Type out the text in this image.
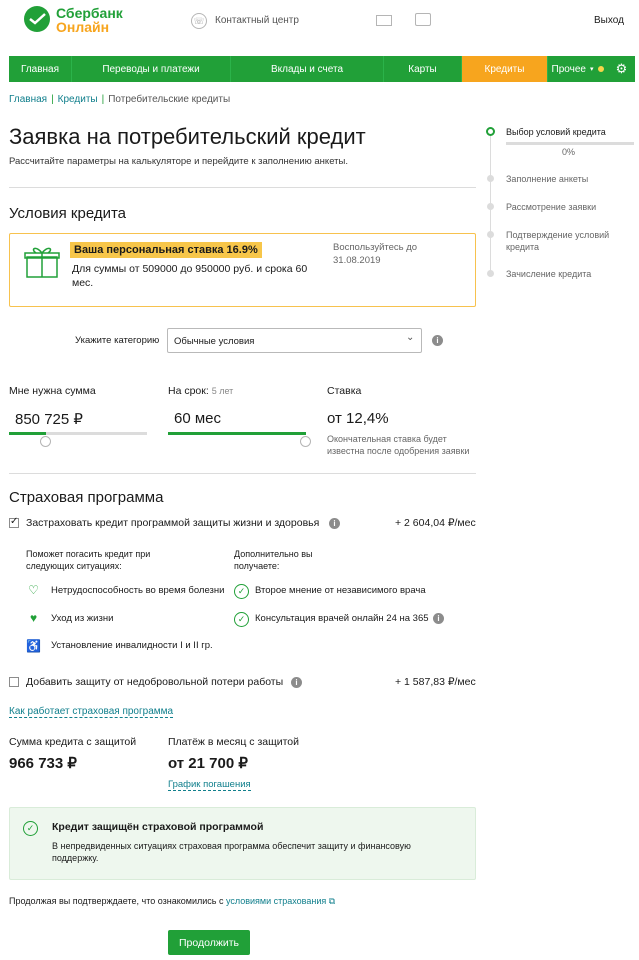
Сбербанк
Онлайн	☏ Контактный центр	Выход
Главная	Переводы и платежи	Вклады и счета	Карты	Кредиты	Прочее ▾	⚙
Главная | Кредиты | Потребительские кредиты
Заявка на потребительский кредит
Рассчитайте параметры на калькуляторе и перейдите к заполнению анкеты.
Условия кредита
Ваша персональная ставка 16.9%
Для суммы от 509000 до 950000 руб. и срока 60 мес.
Воспользуйтесь до 31.08.2019
Укажите категорию	Обычные условия	⌄	i
Мне нужна сумма
850 725 ₽
На срок: 5 лет
60 мес
Ставка
от 12,4%
Окончательная ставка будет известна после одобрения заявки
Страховая программа
✓
Застраховать кредит программой защиты жизни и здоровья	i	+ 2 604,04 ₽/мес
Поможет погасить кредит при следующих ситуациях:
Дополнительно вы получаете:
♡ Нетрудоспособность во время болезни
♥	Уход из жизни
♿ Установление инвалидности I и II гр.
✓	Второе мнение от независимого врача
✓	Консультация врачей онлайн 24 на 365	i
Добавить защиту от недобровольной потери работы	i	+ 1 587,83 ₽/мес
Как работает страховая программа
Сумма кредита с защитой
966 733 ₽
Платёж в месяц с защитой
от 21 700 ₽
График погашения
✓	Кредит защищён страховой программой
В непредвиденных ситуациях страховая программа обеспечит защиту и финансовую поддержку.
Продолжая вы подтверждаете, что ознакомились с условиями страхования ⧉
Продолжить
Выбор условий кредита
0%
Заполнение анкеты
Рассмотрение заявки
Подтверждение условий кредита
Зачисление кредита
